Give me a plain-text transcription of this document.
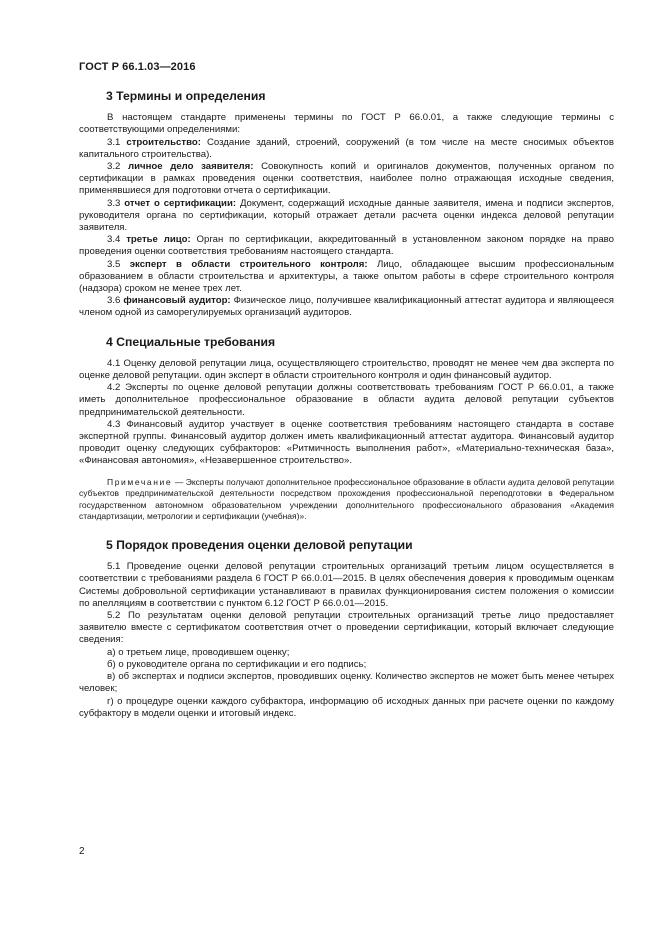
ГОСТ Р 66.1.03—2016
3 Термины и определения

В настоящем стандарте применены термины по ГОСТ Р 66.0.01, а также следующие термины с соответствующими определениями:

3.1 строительство: Создание зданий, строений, сооружений (в том числе на месте сносимых объектов капитального строительства).

3.2 личное дело заявителя: Совокупность копий и оригиналов документов, полученных органом по сертификации в рамках проведения оценки соответствия, наиболее полно отражающая исходные сведения, применявшиеся для подготовки отчета о сертификации.

3.3 отчет о сертификации: Документ, содержащий исходные данные заявителя, имена и подписи экспертов, руководителя органа по сертификации, который отражает детали расчета оценки индекса деловой репутации заявителя.

3.4 третье лицо: Орган по сертификации, аккредитованный в установленном законом порядке на право проведения оценки соответствия требованиям настоящего стандарта.

3.5 эксперт в области строительного контроля: Лицо, обладающее высшим профессиональным образованием в области строительства и архитектуры, а также опытом работы в сфере строительного контроля (надзора) сроком не менее трех лет.

3.6 финансовый аудитор: Физическое лицо, получившее квалификационный аттестат аудитора и являющееся членом одной из саморегулируемых организаций аудиторов.

4 Специальные требования

4.1 Оценку деловой репутации лица, осуществляющего строительство, проводят не менее чем два эксперта по оценке деловой репутации. один эксперт в области строительного контроля и один финансовый аудитор.

4.2 Эксперты по оценке деловой репутации должны соответствовать требованиям ГОСТ Р 66.0.01, а также иметь дополнительное профессиональное образование в области аудита деловой репутации субъектов предпринимательской деятельности.

4.3 Финансовый аудитор участвует в оценке соответствия требованиям настоящего стандарта в составе экспертной группы. Финансовый аудитор должен иметь квалификационный аттестат аудитора. Финансовый аудитор проводит оценку следующих субфакторов: «Ритмичность выполнения работ», «Материально-техническая база», «Финансовая автономия», «Незавершенное строительство».

Примечание — Эксперты получают дополнительное профессиональное образование в области аудита деловой репутации субъектов предпринимательской деятельности посредством прохождения профессиональной переподготовки в Федеральном государственном автономном образовательном учреждении дополнительного профессионального образования «Академия стандартизации, метрологии и сертификации (учебная)».

5 Порядок проведения оценки деловой репутации

5.1 Проведение оценки деловой репутации строительных организаций третьим лицом осуществляется в соответствии с требованиями раздела 6 ГОСТ Р 66.0.01—2015. В целях обеспечения доверия к проводимым оценкам Системы добровольной сертификации устанавливают в правилах функционирования систем положения о комиссии по апелляциям в соответствии с пунктом 6.12 ГОСТ Р 66.0.01—2015.

5.2 По результатам оценки деловой репутации строительных организаций третье лицо предоставляет заявителю вместе с сертификатом соответствия отчет о проведении сертификации, который включает следующие сведения:

а) о третьем лице, проводившем оценку;

б) о руководителе органа по сертификации и его подпись;

в) об экспертах и подписи экспертов, проводивших оценку. Количество экспертов не может быть менее четырех человек;

г) о процедуре оценки каждого субфактора, информацию об исходных данных при расчете оценки по каждому субфактору в модели оценки и итоговый индекс.

2
